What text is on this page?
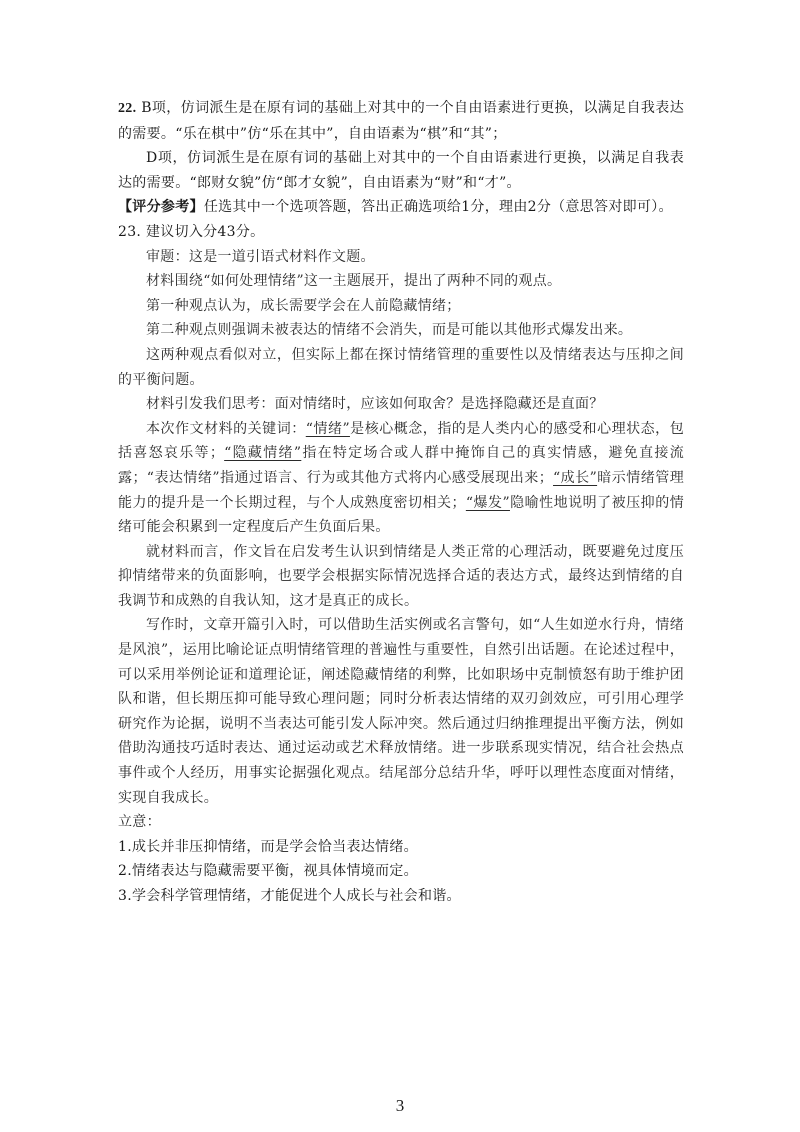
22. B项，仿词派生是在原有词的基础上对其中的一个自由语素进行更换，以满足自我表达的需要。“乐在棋中”仿“乐在其中”，自由语素为“棋”和“其”；

D项，仿词派生是在原有词的基础上对其中的一个自由语素进行更换，以满足自我表达的需要。“郎财女貌”仿“郎才女貌”，自由语素为“财”和“才”。

【评分参考】任选其中一个选项答题，答出正确选项给1分，理由2分（意思答对即可）。

23. 建议切入分43分。

审题：这是一道引语式材料作文题。

材料围绕“如何处理情绪”这一主题展开，提出了两种不同的观点。

第一种观点认为，成长需要学会在人前隐藏情绪；

第二种观点则强调未被表达的情绪不会消失，而是可能以其他形式爆发出来。

这两种观点看似对立，但实际上都在探讨情绪管理的重要性以及情绪表达与压抑之间的平衡问题。

材料引发我们思考：面对情绪时，应该如何取舍？是选择隐藏还是直面？

本次作文材料的关键词：“情绪”是核心概念，指的是人类内心的感受和心理状态，包括喜怒哀乐等；“隐藏情绪”指在特定场合或人群中掩饰自己的真实情感，避免直接流露；“表达情绪”指通过语言、行为或其他方式将内心感受展现出来；“成长”暗示情绪管理能力的提升是一个长期过程，与个人成熟度密切相关；“爆发”隐喻性地说明了被压抑的情绪可能会积累到一定程度后产生负面后果。

就材料而言，作文旨在启发考生认识到情绪是人类正常的心理活动，既要避免过度压抑情绪带来的负面影响，也要学会根据实际情况选择合适的表达方式，最终达到情绪的自我调节和成熟的自我认知，这才是真正的成长。

写作时，文章开篇引入时，可以借助生活实例或名言警句，如“人生如逆水行舟，情绪是风浪”，运用比喻论证点明情绪管理的普遍性与重要性，自然引出话题。在论述过程中，可以采用举例论证和道理论证，阐述隐藏情绪的利弊，比如职场中克制愤怒有助于维护团队和谐，但长期压抑可能导致心理问题；同时分析表达情绪的双刃剑效应，可引用心理学研究作为论据，说明不当表达可能引发人际冲突。然后通过归纳推理提出平衡方法，例如借助沟通技巧适时表达、通过运动或艺术释放情绪。进一步联系现实情况，结合社会热点事件或个人经历，用事实论据强化观点。结尾部分总结升华，呼吁以理性态度面对情绪，实现自我成长。

立意：

1.成长并非压抑情绪，而是学会恰当表达情绪。

2.情绪表达与隐藏需要平衡，视具体情境而定。

3.学会科学管理情绪，才能促进个人成长与社会和谐。

3
